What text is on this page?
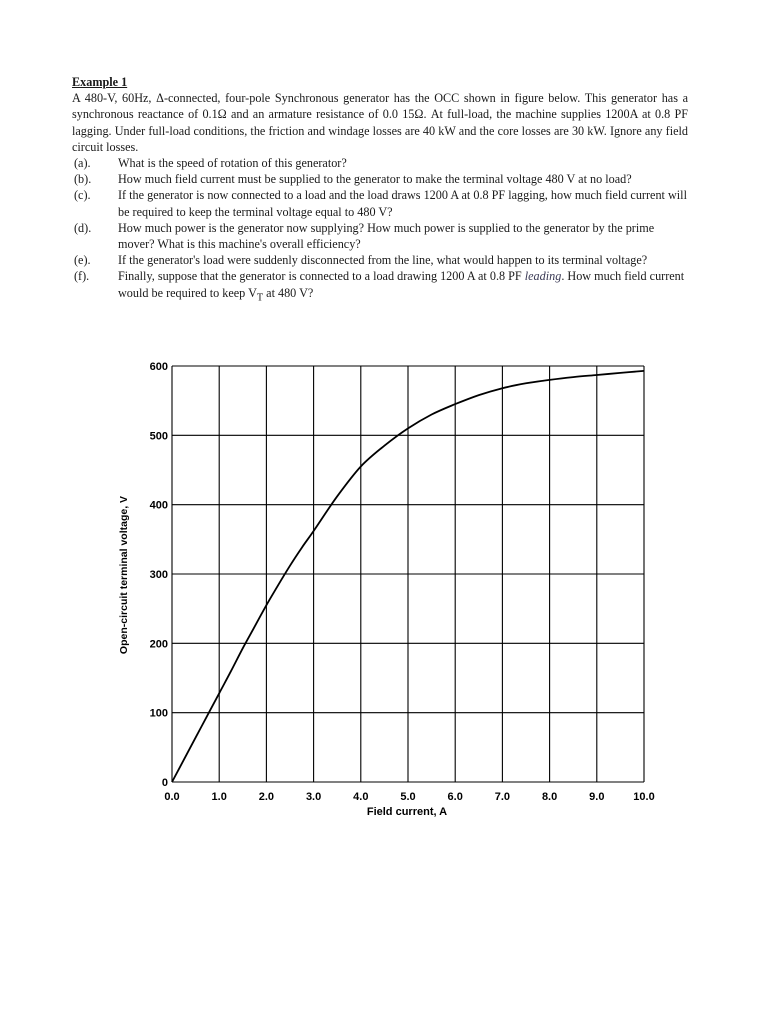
Example 1
A 480-V, 60Hz, Δ-connected, four-pole Synchronous generator has the OCC shown in figure below. This generator has a synchronous reactance of 0.1Ω and an armature resistance of 0.0 15Ω. At full-load, the machine supplies 1200A at 0.8 PF lagging. Under full-load conditions, the friction and windage losses are 40 kW and the core losses are 30 kW. Ignore any field circuit losses.
(a).	What is the speed of rotation of this generator?
(b).	How much field current must be supplied to the generator to make the terminal voltage 480 V at no load?
(c).	If the generator is now connected to a load and the load draws 1200 A at 0.8 PF lagging, how much field current will be required to keep the terminal voltage equal to 480 V?
(d).	How much power is the generator now supplying? How much power is supplied to the generator by the prime mover? What is this machine's overall efficiency?
(e).	If the generator's load were suddenly disconnected from the line, what would happen to its terminal voltage?
(f).	Finally, suppose that the generator is connected to a load drawing 1200 A at 0.8 PF leading. How much field current would be required to keep $V_T$ at 480 V?
0.0	1.0	2.0	3.0	4.0	5.0	6.0	7.0	8.0	9.0	10.0
0
100
200
300
400
500
600
Field current, A
Open-circuit terminal voltage, V
